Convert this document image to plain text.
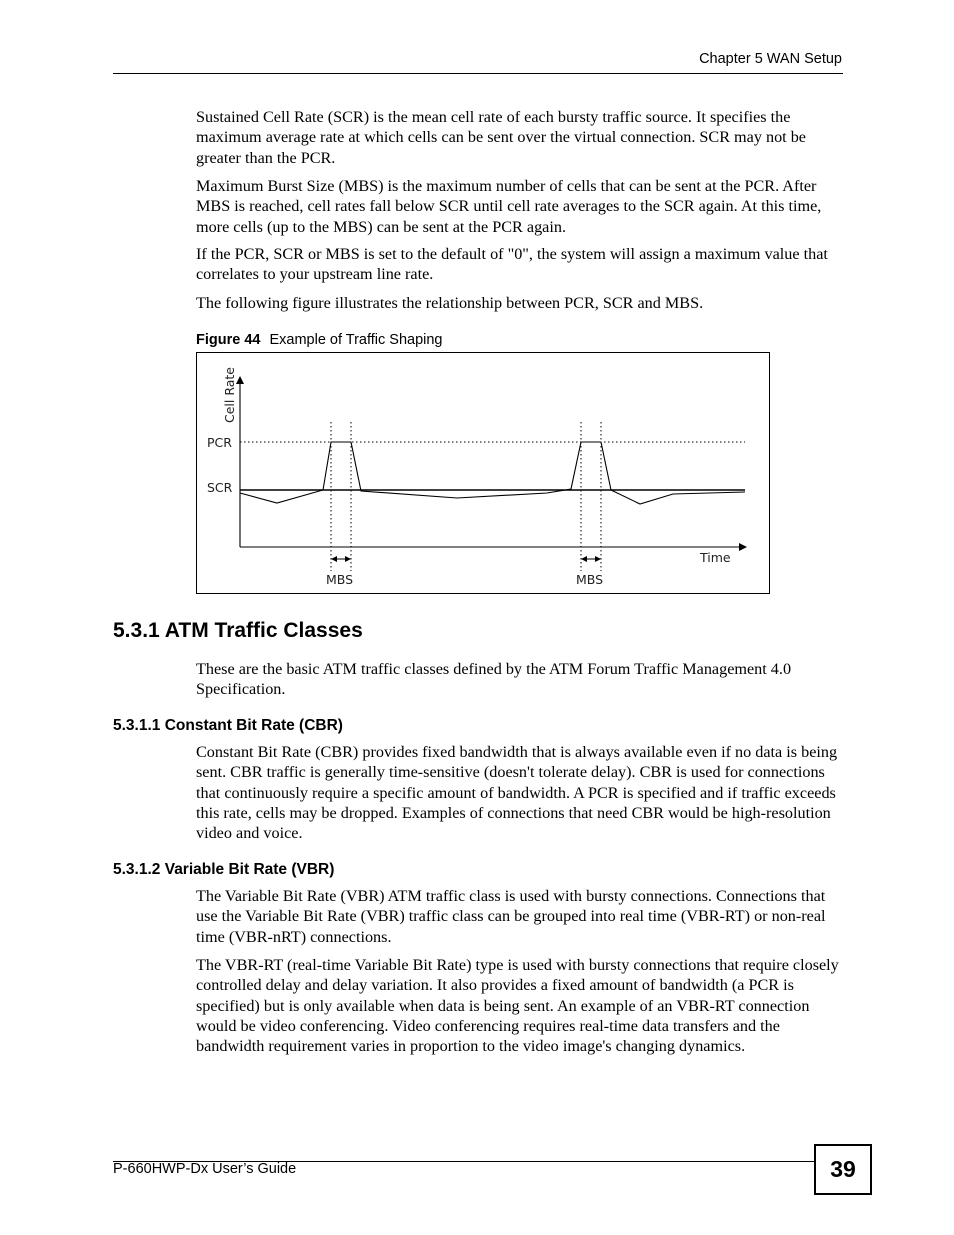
Chapter 5 WAN Setup

Sustained Cell Rate (SCR) is the mean cell rate of each bursty traffic source. It specifies the maximum average rate at which cells can be sent over the virtual connection. SCR may not be greater than the PCR.

Maximum Burst Size (MBS) is the maximum number of cells that can be sent at the PCR. After MBS is reached, cell rates fall below SCR until cell rate averages to the SCR again. At this time, more cells (up to the MBS) can be sent at the PCR again.

If the PCR, SCR or MBS is set to the default of "0", the system will assign a maximum value that correlates to your upstream line rate.

The following figure illustrates the relationship between PCR, SCR and MBS.

Figure 44 Example of Traffic Shaping
Cell Rate
PCR
SCR
Time
MBS	MBS
5.3.1 ATM Traffic Classes

These are the basic ATM traffic classes defined by the ATM Forum Traffic Management 4.0 Specification.

5.3.1.1 Constant Bit Rate (CBR)

Constant Bit Rate (CBR) provides fixed bandwidth that is always available even if no data is being sent. CBR traffic is generally time-sensitive (doesn't tolerate delay). CBR is used for connections that continuously require a specific amount of bandwidth. A PCR is specified and if traffic exceeds this rate, cells may be dropped. Examples of connections that need CBR would be high-resolution video and voice.

5.3.1.2 Variable Bit Rate (VBR)

The Variable Bit Rate (VBR) ATM traffic class is used with bursty connections. Connections that use the Variable Bit Rate (VBR) traffic class can be grouped into real time (VBR-RT) or non-real time (VBR-nRT) connections.

The VBR-RT (real-time Variable Bit Rate) type is used with bursty connections that require closely controlled delay and delay variation. It also provides a fixed amount of bandwidth (a PCR is specified) but is only available when data is being sent. An example of an VBR-RT connection would be video conferencing. Video conferencing requires real-time data transfers and the bandwidth requirement varies in proportion to the video image's changing dynamics.

P-660HWP-Dx User’s Guide	39
